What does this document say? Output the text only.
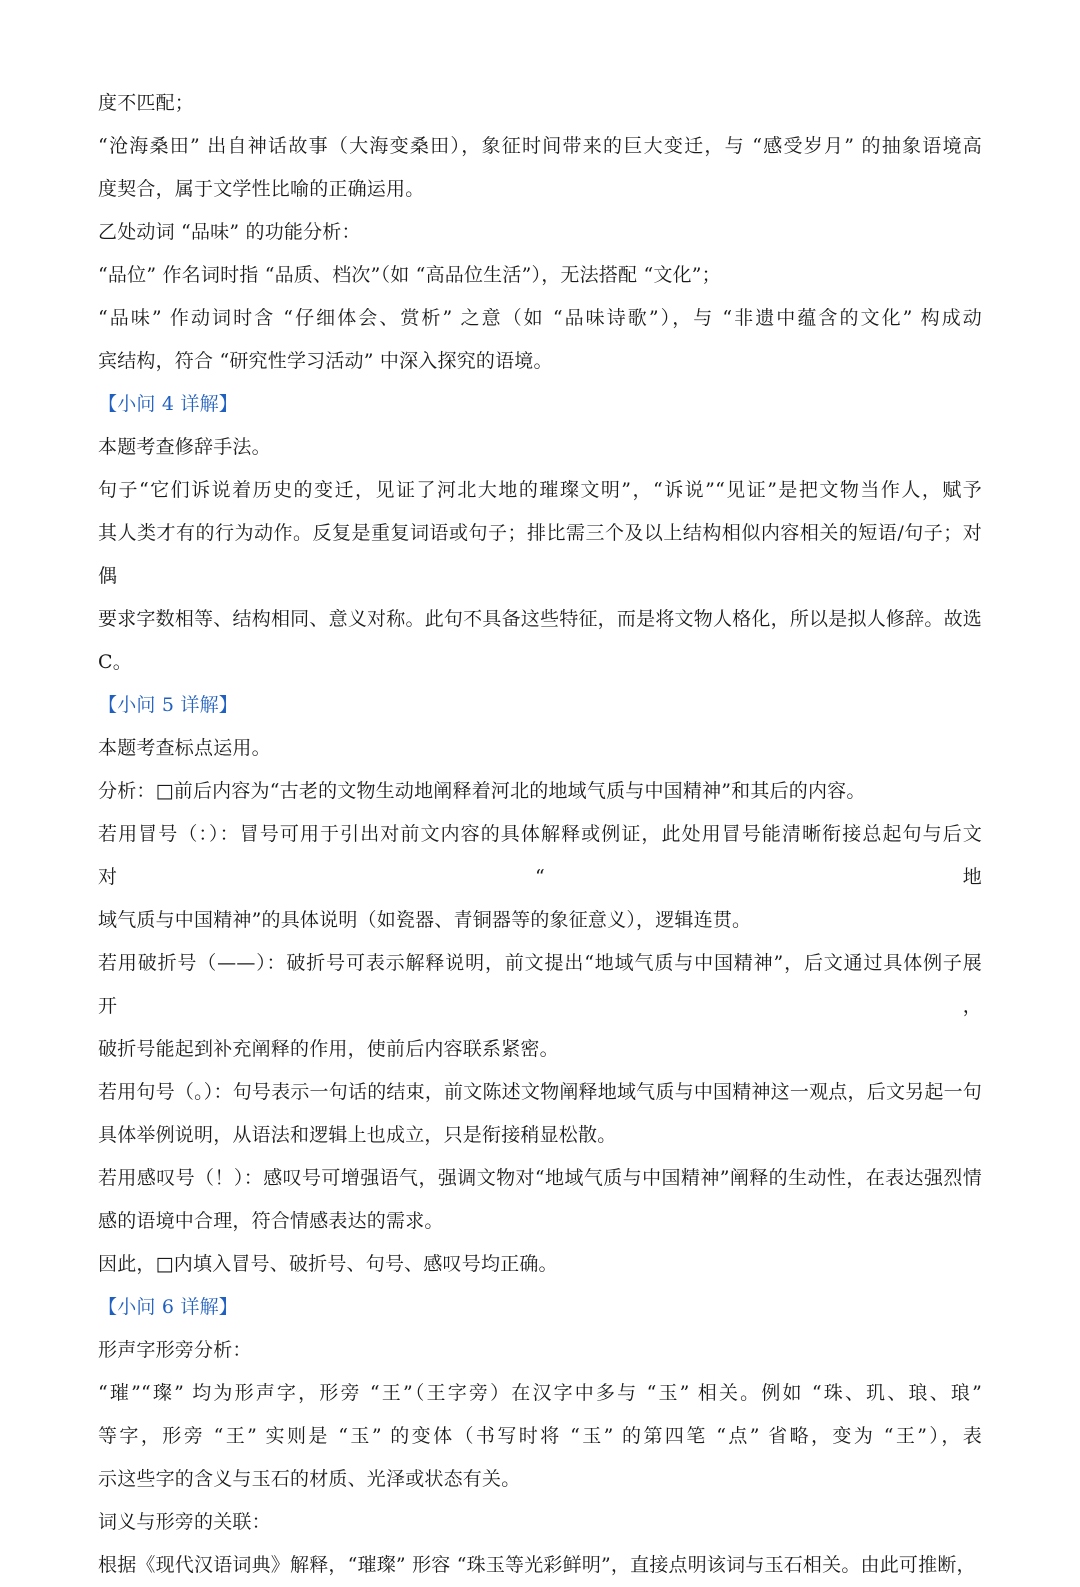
度不匹配；
“沧海桑田” 出自神话故事（大海变桑田），象征时间带来的巨大变迁，与 “感受岁月” 的抽象语境高
度契合，属于文学性比喻的正确运用。
乙处动词 “品味” 的功能分析：
“品位” 作名词时指 “品质、档次”（如 “高品位生活”），无法搭配 “文化”；
“品味” 作动词时含 “仔细体会、赏析” 之意（如 “品味诗歌”），与 “非遗中蕴含的文化” 构成动
宾结构，符合 “研究性学习活动” 中深入探究的语境。
【小问 4 详解】
本题考查修辞手法。
句子“它们诉说着历史的变迁，见证了河北大地的璀璨文明”，“诉说”“见证”是把文物当作人，赋予
其人类才有的行为动作。反复是重复词语或句子；排比需三个及以上结构相似内容相关的短语/句子；对偶
要求字数相等、结构相同、意义对称。此句不具备这些特征，而是将文物人格化，所以是拟人修辞。故选 C。
【小问 5 详解】
本题考查标点运用。
分析：□前后内容为“古老的文物生动地阐释着河北的地域气质与中国精神”和其后的内容。
若用冒号（：）：冒号可用于引出对前文内容的具体解释或例证，此处用冒号能清晰衔接总起句与后文对“地
域气质与中国精神”的具体说明（如瓷器、青铜器等的象征意义），逻辑连贯。
若用破折号（——）：破折号可表示解释说明，前文提出“地域气质与中国精神”，后文通过具体例子展开，
破折号能起到补充阐释的作用，使前后内容联系紧密。
若用句号（。）：句号表示一句话的结束，前文陈述文物阐释地域气质与中国精神这一观点，后文另起一句
具体举例说明，从语法和逻辑上也成立，只是衔接稍显松散。
若用感叹号（！）：感叹号可增强语气，强调文物对“地域气质与中国精神”阐释的生动性，在表达强烈情
感的语境中合理，符合情感表达的需求。
因此，□内填入冒号、破折号、句号、感叹号均正确。
【小问 6 详解】
形声字形旁分析：
“璀”“璨” 均为形声字，形旁 “王”（王字旁）在汉字中多与 “玉” 相关。例如 “珠、玑、琅、琅”
等字，形旁 “王” 实则是 “玉” 的变体（书写时将 “玉” 的第四笔 “点” 省略，变为 “王”），表
示这些字的含义与玉石的材质、光泽或状态有关。
词义与形旁的关联：
根据《现代汉语词典》解释，“璀璨” 形容 “珠玉等光彩鲜明”，直接点明该词与玉石相关。由此可推断，
